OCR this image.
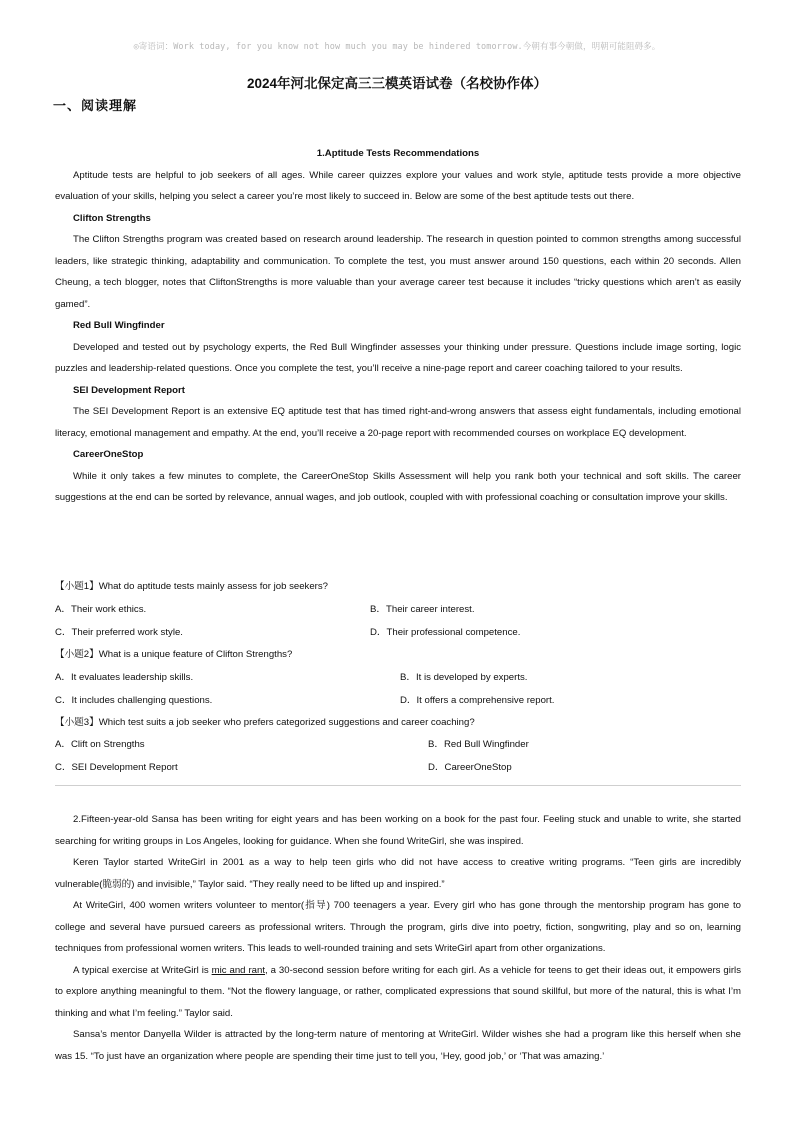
◎寄语词：Work today, for you know not how much you may be hindered tomorrow.今朝有事今朝做，明朝可能阻碍多。
2024年河北保定高三三模英语试卷（名校协作体）
一、阅读理解

1.Aptitude Tests Recommendations

Aptitude tests are helpful to job seekers of all ages. While career quizzes explore your values and work style, aptitude tests provide a more objective evaluation of your skills, helping you select a career you’re most likely to succeed in. Below are some of the best aptitude tests out there.

Clifton Strengths

The Clifton Strengths program was created based on research around leadership. The research in question pointed to common strengths among successful leaders, like strategic thinking, adaptability and communication. To complete the test, you must answer around 150 questions, each within 20 seconds. Allen Cheung, a tech blogger, notes that CliftonStrengths is more valuable than your average career test because it includes “tricky questions which aren’t as easily gamed”.

Red Bull Wingfinder

Developed and tested out by psychology experts, the Red Bull Wingfinder assesses your thinking under pressure. Questions include image sorting, logic puzzles and leadership-related questions. Once you complete the test, you’ll receive a nine-page report and career coaching tailored to your results.

SEI Development Report

The SEI Development Report is an extensive EQ aptitude test that has timed right-and-wrong answers that assess eight fundamentals, including emotional literacy, emotional management and empathy. At the end, you’ll receive a 20-page report with recommended courses on workplace EQ development.

CareerOneStop

While it only takes a few minutes to complete, the CareerOneStop Skills Assessment will help you rank both your technical and soft skills. The career suggestions at the end can be sorted by relevance, annual wages, and job outlook, coupled with with professional coaching or consultation improve your skills.

【小题1】What do aptitude tests mainly assess for job seekers?
A．Their work ethics.	B．Their career interest.
C．Their preferred work style.	D．Their professional competence.
【小题2】What is a unique feature of Clifton Strengths?
A．It evaluates leadership skills.	B．It is developed by experts.
C．It includes challenging questions.	D．It offers a comprehensive report.
【小题3】Which test suits a job seeker who prefers categorized suggestions and career coaching?
A．Clift on Strengths	B．Red Bull Wingfinder
C．SEI Development Report	D．CareerOneStop

2.Fifteen-year-old Sansa has been writing for eight years and has been working on a book for the past four. Feeling stuck and unable to write, she started searching for writing groups in Los Angeles, looking for guidance. When she found WriteGirl, she was inspired.

Keren Taylor started WriteGirl in 2001 as a way to help teen girls who did not have access to creative writing programs. “Teen girls are incredibly vulnerable(脆弱的) and invisible,” Taylor said. “They really need to be lifted up and inspired.”

At WriteGirl, 400 women writers volunteer to mentor(指导) 700 teenagers a year. Every girl who has gone through the mentorship program has gone to college and several have pursued careers as professional writers. Through the program, girls dive into poetry, fiction, songwriting, play and so on, learning techniques from professional women writers. This leads to well-rounded training and sets WriteGirl apart from other organizations.

A typical exercise at WriteGirl is mic and rant, a 30-second session before writing for each girl. As a vehicle for teens to get their ideas out, it empowers girls to explore anything meaningful to them. “Not the flowery language, or rather, complicated expressions that sound skillful, but more of the natural, this is what I’m thinking and what I’m feeling.” Taylor said.

Sansa’s mentor Danyella Wilder is attracted by the long-term nature of mentoring at WriteGirl. Wilder wishes she had a program like this herself when she was 15. “To just have an organization where people are spending their time just to tell you, ‘Hey, good job,’ or ‘That was amazing.’
